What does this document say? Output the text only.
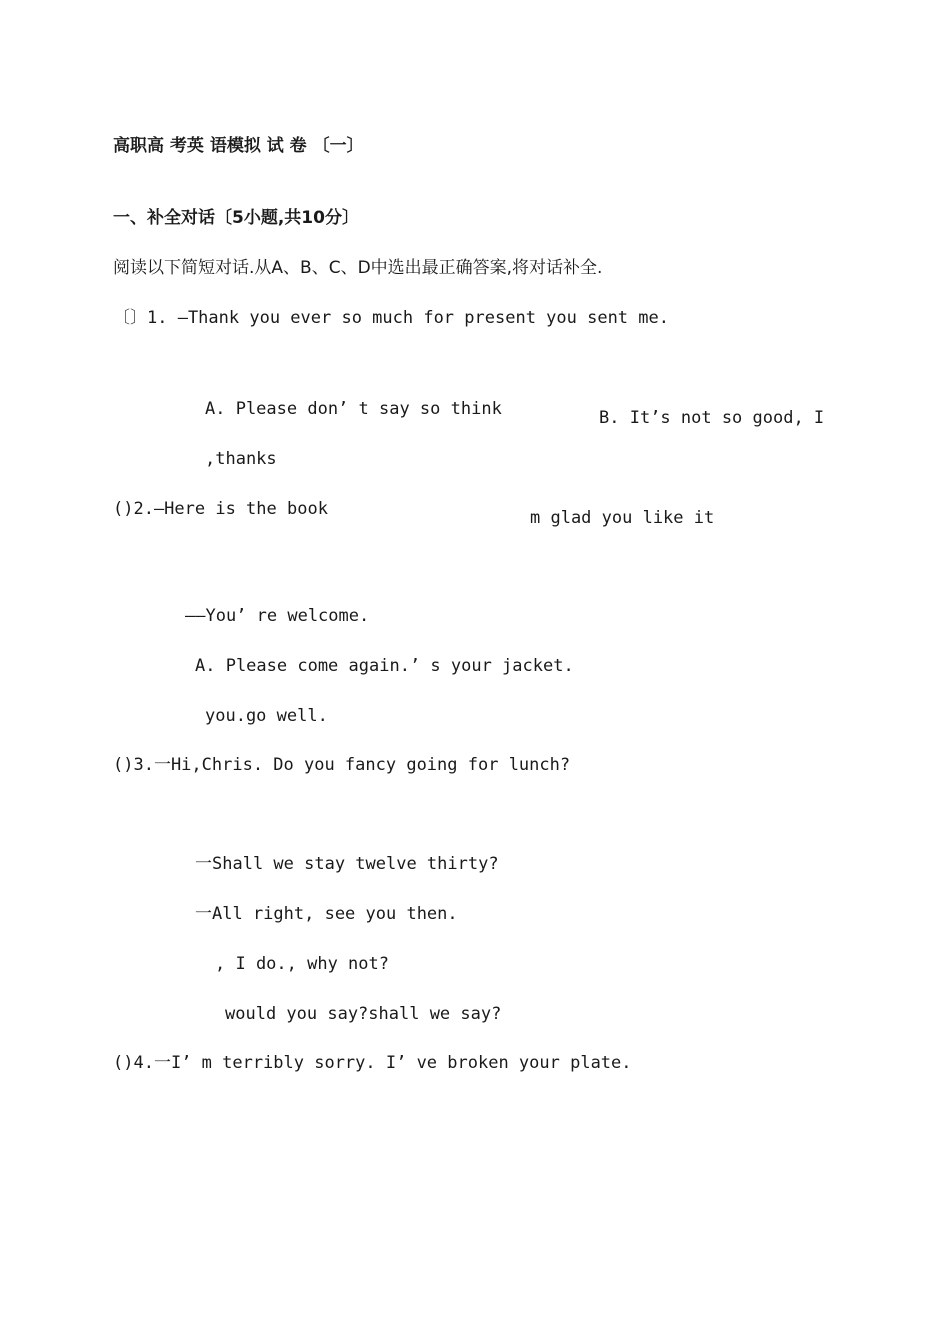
高职高 考英 语模拟 试 卷 〔一〕
一、补全对话〔5小题,共10分〕
阅读以下简短对话.从A、B、C、D中选出最正确答案,将对话补全.
〔〕1. —Thank you ever so much for present you sent me.
A. Please don’ t say so think	B. It’s not so good, I
,thanks
m glad you like it
()2.—Here is the book
——You’ re welcome.
A. Please come again.’ s your jacket.
you.go well.
()3.一Hi,Chris. Do you fancy going for lunch?
一Shall we stay twelve thirty?
一All right, see you then.
, I do., why not?
would you say?shall we say?
()4.一I’ m terribly sorry. I’ ve broken your plate.
